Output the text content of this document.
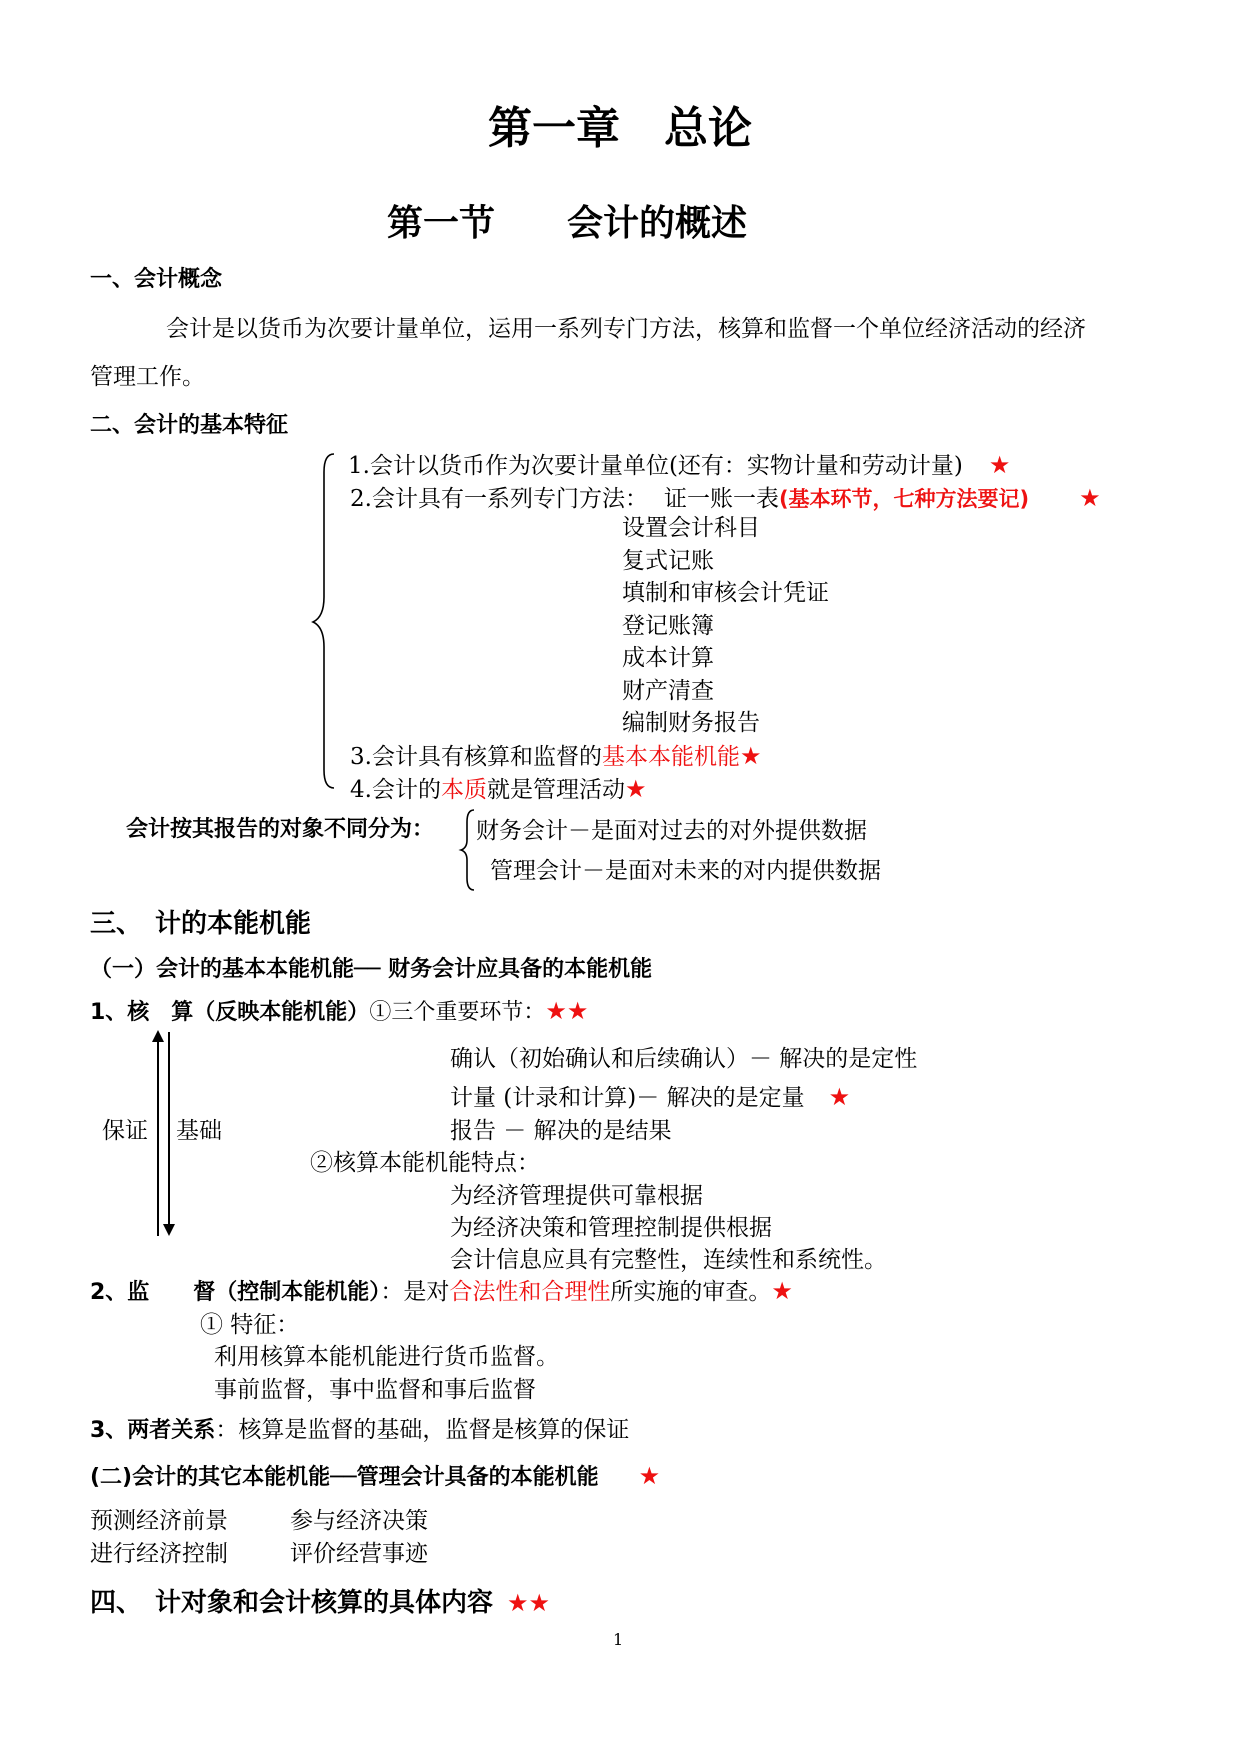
第一章　总论
第一节　　会计的概述
一、会计概念
会计是以货币为次要计量单位，运用一系列专门方法，核算和监督一个单位经济活动的经济
管理工作。
二、会计的基本特征
1.会计以货币作为次要计量单位(还有：实物计量和劳动计量) ★
2.会计具有一系列专门方法： 证一账一表(基本环节，七种方法要记) ★
设置会计科目
复式记账
填制和审核会计凭证
登记账簿
成本计算
财产清查
编制财务报告
3.会计具有核算和监督的基本本能机能★
4.会计的本质就是管理活动★
会计按其报告的对象不同分为： 财务会计－是面对过去的对外提供数据
管理会计－是面对未来的对内提供数据
三、　计的本能机能
（一）会计的基本本能机能── 财务会计应具备的本能机能
1、核　算（反映本能机能）①三个重要环节：★★
保证 基础
确认（初始确认和后续确认）－ 解决的是定性
计量 (计录和计算)－ 解决的是定量 ★
报告 － 解决的是结果
②核算本能机能特点：
为经济管理提供可靠根据
为经济决策和管理控制提供根据
会计信息应具有完整性，连续性和系统性。
2、监　　督（控制本能机能）：是对合法性和合理性所实施的审查。★
① 特征：
利用核算本能机能进行货币监督。
事前监督，事中监督和事后监督
3、两者关系：核算是监督的基础，监督是核算的保证
(二)会计的其它本能机能──管理会计具备的本能机能 ★
预测经济前景	参与经济决策
进行经济控制	评价经营事迹
四、　计对象和会计核算的具体内容 ★★
1
